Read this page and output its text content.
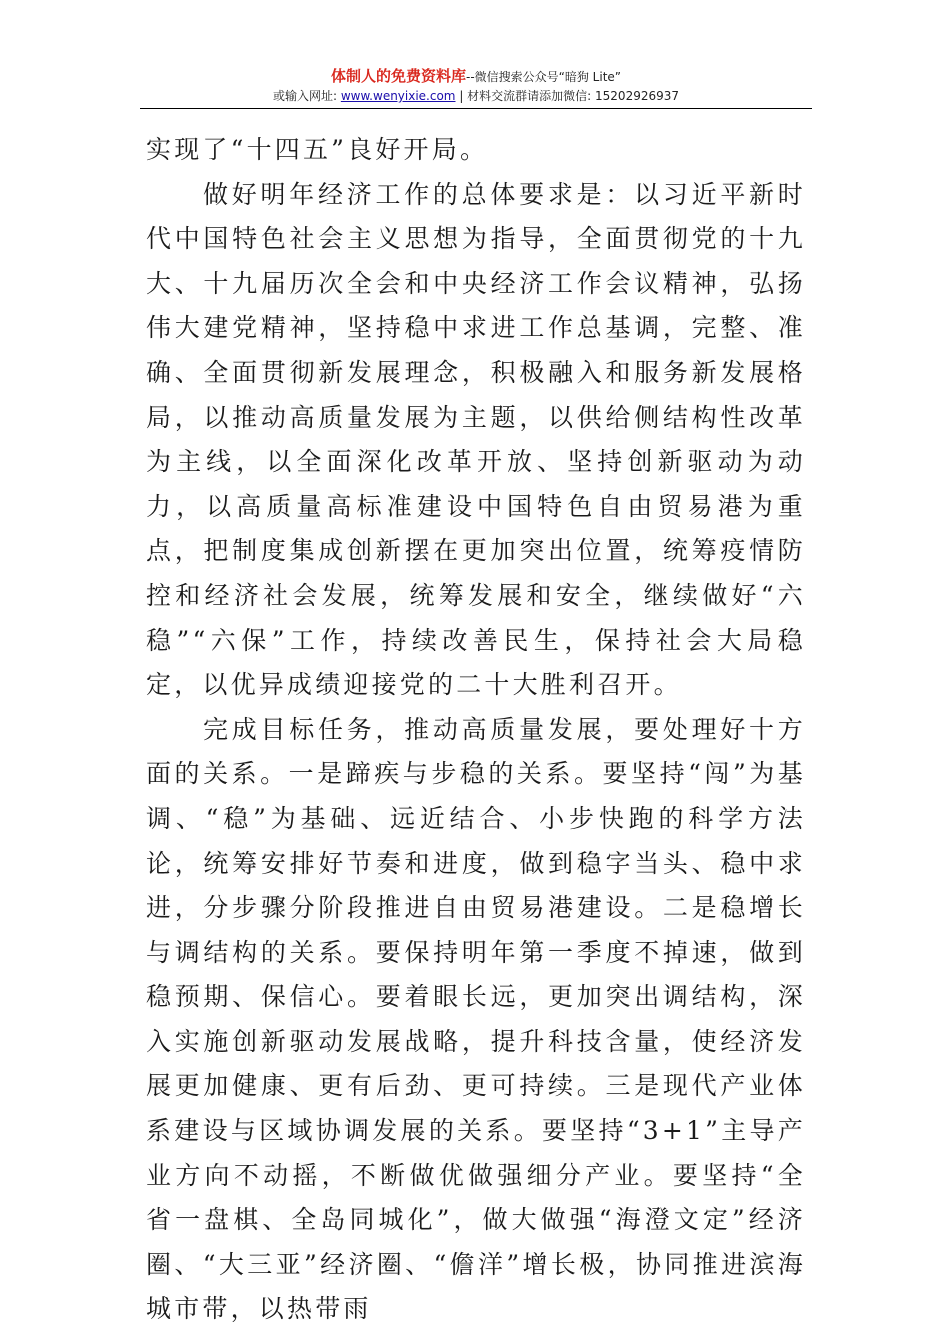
体制人的免费资料库--微信搜索公众号“暗狗 Lite”
或输入网址: www.wenyixie.com | 材料交流群请添加微信: 15202926937

实现了“十四五”良好开局。

做好明年经济工作的总体要求是：以习近平新时代中国特色社会主义思想为指导，全面贯彻党的十九大、十九届历次全会和中央经济工作会议精神，弘扬伟大建党精神，坚持稳中求进工作总基调，完整、准确、全面贯彻新发展理念，积极融入和服务新发展格局，以推动高质量发展为主题，以供给侧结构性改革为主线，以全面深化改革开放、坚持创新驱动为动力，以高质量高标准建设中国特色自由贸易港为重点，把制度集成创新摆在更加突出位置，统筹疫情防控和经济社会发展，统筹发展和安全，继续做好“六稳”“六保”工作，持续改善民生，保持社会大局稳定，以优异成绩迎接党的二十大胜利召开。

完成目标任务，推动高质量发展，要处理好十方面的关系。一是蹄疾与步稳的关系。要坚持“闯”为基调、“稳”为基础、远近结合、小步快跑的科学方法论，统筹安排好节奏和进度，做到稳字当头、稳中求进，分步骤分阶段推进自由贸易港建设。二是稳增长与调结构的关系。要保持明年第一季度不掉速，做到稳预期、保信心。要着眼长远，更加突出调结构，深入实施创新驱动发展战略，提升科技含量，使经济发展更加健康、更有后劲、更可持续。三是现代产业体系建设与区域协调发展的关系。要坚持“3+1”主导产业方向不动摇，不断做优做强细分产业。要坚持“全省一盘棋、全岛同城化”，做大做强“海澄文定”经济圈、“大三亚”经济圈、“儋洋”增长极，协同推进滨海城市带，以热带雨
